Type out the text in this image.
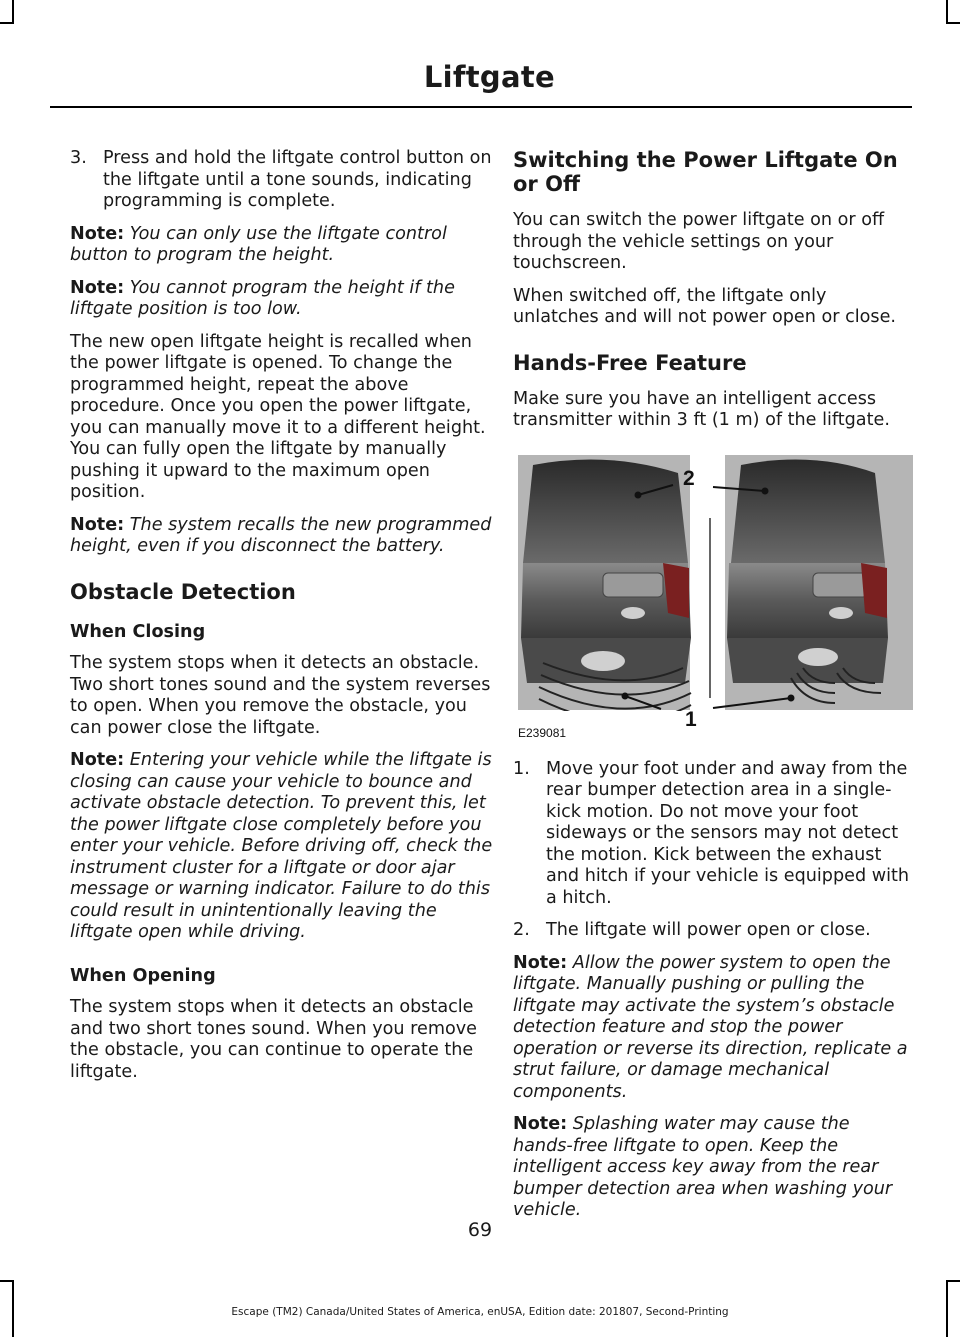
Liftgate
3. Press and hold the liftgate control button on the liftgate until a tone sounds, indicating programming is complete.

Note: You can only use the liftgate control button to program the height.

Note: You cannot program the height if the liftgate position is too low.

The new open liftgate height is recalled when the power liftgate is opened. To change the programmed height, repeat the above procedure. Once you open the power liftgate, you can manually move it to a different height. You can fully open the liftgate by manually pushing it upward to the maximum open position.

Note: The system recalls the new programmed height, even if you disconnect the battery.

Obstacle Detection
When Closing

The system stops when it detects an obstacle. Two short tones sound and the system reverses to open. When you remove the obstacle, you can power close the liftgate.

Note: Entering your vehicle while the liftgate is closing can cause your vehicle to bounce and activate obstacle detection. To prevent this, let the power liftgate close completely before you enter your vehicle. Before driving off, check the instrument cluster for a liftgate or door ajar message or warning indicator. Failure to do this could result in unintentionally leaving the liftgate open while driving.

When Opening

The system stops when it detects an obstacle and two short tones sound. When you remove the obstacle, you can continue to operate the liftgate.

Switching the Power Liftgate On or Off

You can switch the power liftgate on or off through the vehicle settings on your touchscreen.

When switched off, the liftgate only unlatches and will not power open or close.

Hands-Free Feature

Make sure you have an intelligent access transmitter within 3 ft (1 m) of the liftgate.

2
1
E239081
1. Move your foot under and away from the rear bumper detection area in a single-kick motion. Do not move your foot sideways or the sensors may not detect the motion. Kick between the exhaust and hitch if your vehicle is equipped with a hitch.
2. The liftgate will power open or close.

Note: Allow the power system to open the liftgate. Manually pushing or pulling the liftgate may activate the system’s obstacle detection feature and stop the power operation or reverse its direction, replicate a strut failure, or damage mechanical components.

Note: Splashing water may cause the hands-free liftgate to open. Keep the intelligent access key away from the rear bumper detection area when washing your vehicle.

69
Escape (TM2) Canada/United States of America, enUSA, Edition date: 201807, Second-Printing
